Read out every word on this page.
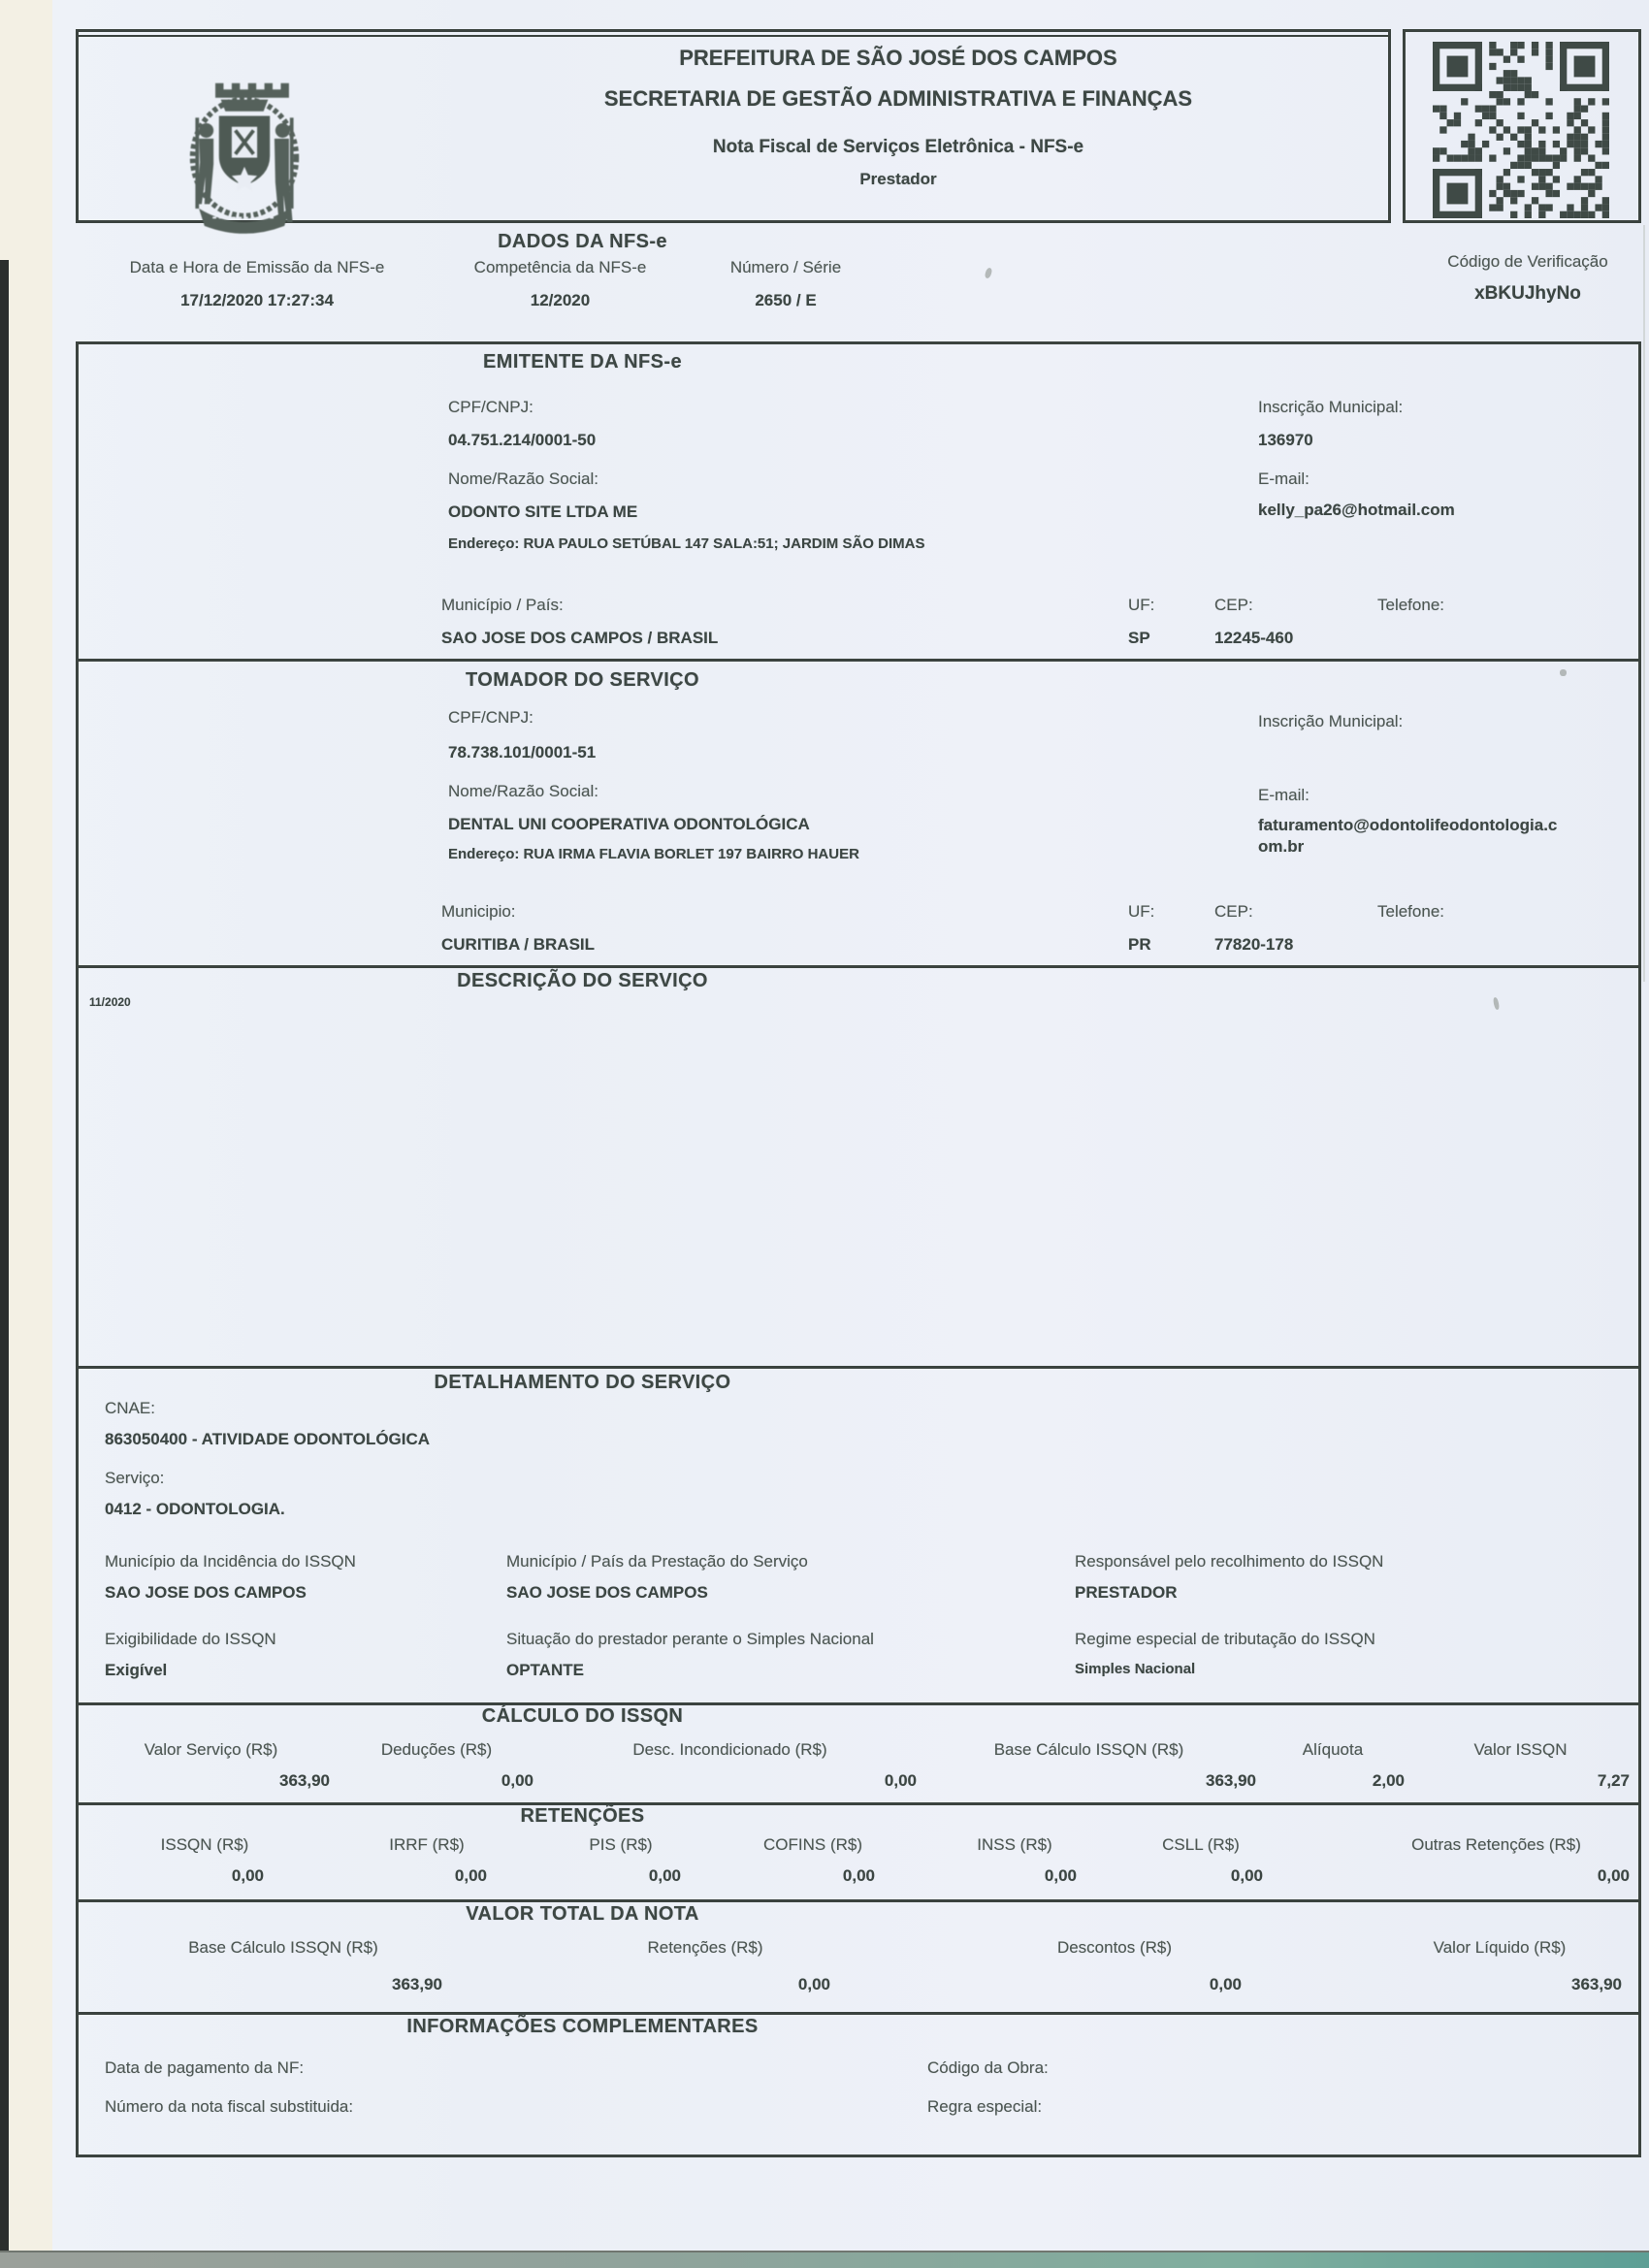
PREFEITURA DE SÃO JOSÉ DOS CAMPOS
SECRETARIA DE GESTÃO ADMINISTRATIVA E FINANÇAS
Nota Fiscal de Serviços Eletrônica - NFS-e
Prestador
DADOS DA NFS-e
Data e Hora de Emissão da NFS-e
17/12/2020 17:27:34
Competência da NFS-e
12/2020
Número / Série
2650 / E
Código de Verificação
xBKUJhyNo
EMITENTE DA NFS-e
CPF/CNPJ:
04.751.214/0001-50
Nome/Razão Social:
ODONTO SITE LTDA ME
Endereço: RUA PAULO SETÚBAL 147 SALA:51; JARDIM SÃO DIMAS
Inscrição Municipal:
136970
E-mail:
kelly_pa26@hotmail.com
Município / País:
SAO JOSE DOS CAMPOS / BRASIL
UF:
SP
CEP:
12245-460
Telefone:
TOMADOR DO SERVIÇO
CPF/CNPJ:
78.738.101/0001-51
Nome/Razão Social:
DENTAL UNI COOPERATIVA ODONTOLÓGICA
Endereço: RUA IRMA FLAVIA BORLET 197 BAIRRO HAUER
Inscrição Municipal:
E-mail:
faturamento@odontolifeodontologia.com.br
Municipio:
CURITIBA / BRASIL
UF:
PR
CEP:
77820-178
Telefone:
DESCRIÇÃO DO SERVIÇO
11/2020
DETALHAMENTO DO SERVIÇO
CNAE:
863050400 - ATIVIDADE ODONTOLÓGICA
Serviço:
0412 - ODONTOLOGIA.
Município da Incidência do ISSQN
SAO JOSE DOS CAMPOS
Município / País da Prestação do Serviço
SAO JOSE DOS CAMPOS
Responsável pelo recolhimento do ISSQN
PRESTADOR
Exigibilidade do ISSQN
Exigível
Situação do prestador perante o Simples Nacional
OPTANTE
Regime especial de tributação do ISSQN
Simples Nacional
CÁLCULO DO ISSQN
Valor Serviço (R$)
363,90
Deduções (R$)
0,00
Desc. Incondicionado (R$)
0,00
Base Cálculo ISSQN (R$)
363,90
Alíquota
2,00
Valor ISSQN
7,27
RETENÇÕES
ISSQN (R$)
0,00
IRRF (R$)
0,00
PIS (R$)
0,00
COFINS (R$)
0,00
INSS (R$)
0,00
CSLL (R$)
0,00
Outras Retenções (R$)
0,00
VALOR TOTAL DA NOTA
Base Cálculo ISSQN (R$)
363,90
Retenções (R$)
0,00
Descontos (R$)
0,00
Valor Líquido (R$)
363,90
INFORMAÇÕES COMPLEMENTARES
Data de pagamento da NF:	Código da Obra:
Número da nota fiscal substituida:	Regra especial:
